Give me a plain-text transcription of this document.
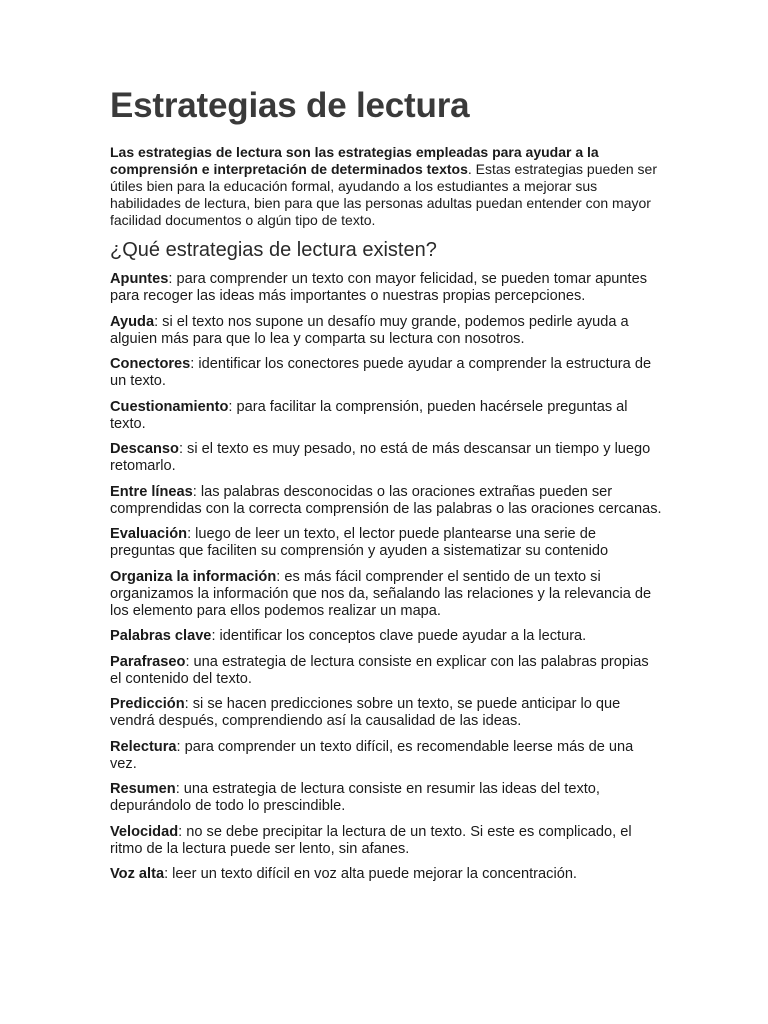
Estrategias de lectura

Las estrategias de lectura son las estrategias empleadas para ayudar a la comprensión e interpretación de determinados textos. Estas estrategias pueden ser útiles bien para la educación formal, ayudando a los estudiantes a mejorar sus habilidades de lectura, bien para que las personas adultas puedan entender con mayor facilidad documentos o algún tipo de texto.

¿Qué estrategias de lectura existen?

Apuntes: para comprender un texto con mayor felicidad, se pueden tomar apuntes para recoger las ideas más importantes o nuestras propias percepciones.

Ayuda: si el texto nos supone un desafío muy grande, podemos pedirle ayuda a alguien más para que lo lea y comparta su lectura con nosotros.

Conectores: identificar los conectores puede ayudar a comprender la estructura de un texto.

Cuestionamiento: para facilitar la comprensión, pueden hacérsele preguntas al texto.

Descanso: si el texto es muy pesado, no está de más descansar un tiempo y luego retomarlo.

Entre líneas: las palabras desconocidas o las oraciones extrañas pueden ser comprendidas con la correcta comprensión de las palabras o las oraciones cercanas.

Evaluación: luego de leer un texto, el lector puede plantearse una serie de preguntas que faciliten su comprensión y ayuden a sistematizar su contenido

Organiza la información: es más fácil comprender el sentido de un texto si organizamos la información que nos da, señalando las relaciones y la relevancia de los elemento para ellos podemos realizar un mapa.

Palabras clave: identificar los conceptos clave puede ayudar a la lectura.

Parafraseo: una estrategia de lectura consiste en explicar con las palabras propias el contenido del texto.

Predicción: si se hacen predicciones sobre un texto, se puede anticipar lo que vendrá después, comprendiendo así la causalidad de las ideas.

Relectura: para comprender un texto difícil, es recomendable leerse más de una vez.

Resumen: una estrategia de lectura consiste en resumir las ideas del texto, depurándolo de todo lo prescindible.

Velocidad: no se debe precipitar la lectura de un texto. Si este es complicado, el ritmo de la lectura puede ser lento, sin afanes.

Voz alta: leer un texto difícil en voz alta puede mejorar la concentración.
